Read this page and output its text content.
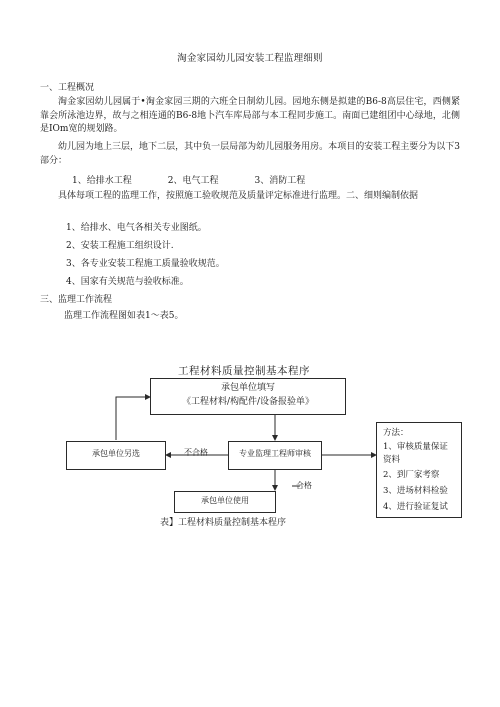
淘金家园幼儿园安装工程监理细则
一、工程概况
淘金家园幼儿园属于•淘金家园三期的六班全日制幼儿园。园地东侧是拟建的B6-8高层住宅，西侧紧靠会所泳池边界，故与之相连通的B6-8地卜汽车库局部与本工程同步施工。南面已建组团中心绿地，北侧是IOm宽的规划路。
幼儿园为地上三层，地下二层，其中负一层局部为幼儿园服务用房。本项目的安装工程主要分为以下3部分：
1、给排水工程	2、电气工程	3、消防工程
具体每项工程的监理工作，按照施工验收规范及质量评定标准进行监理。二、细则编制依据
1、给排水、电气各相关专业图纸。
2、安装工程施工组织设计.
3、各专业安装工程施工质量验收规范。
4、国家有关规范与验收标准。
三、监理工作流程
监理工作流程图如表1〜表5。
工程材料质量控制基本程序
承包单位填写
《工程材料/构配件/设备报验单》
专业监理工程师审核
承包单位另选
承包单位使用
不合格
合格
方法：
1、审核质量保证资料
2、到厂家考察
3、进场材料检验
4、进行验证复试
表】工程材料质量控制基本程序
